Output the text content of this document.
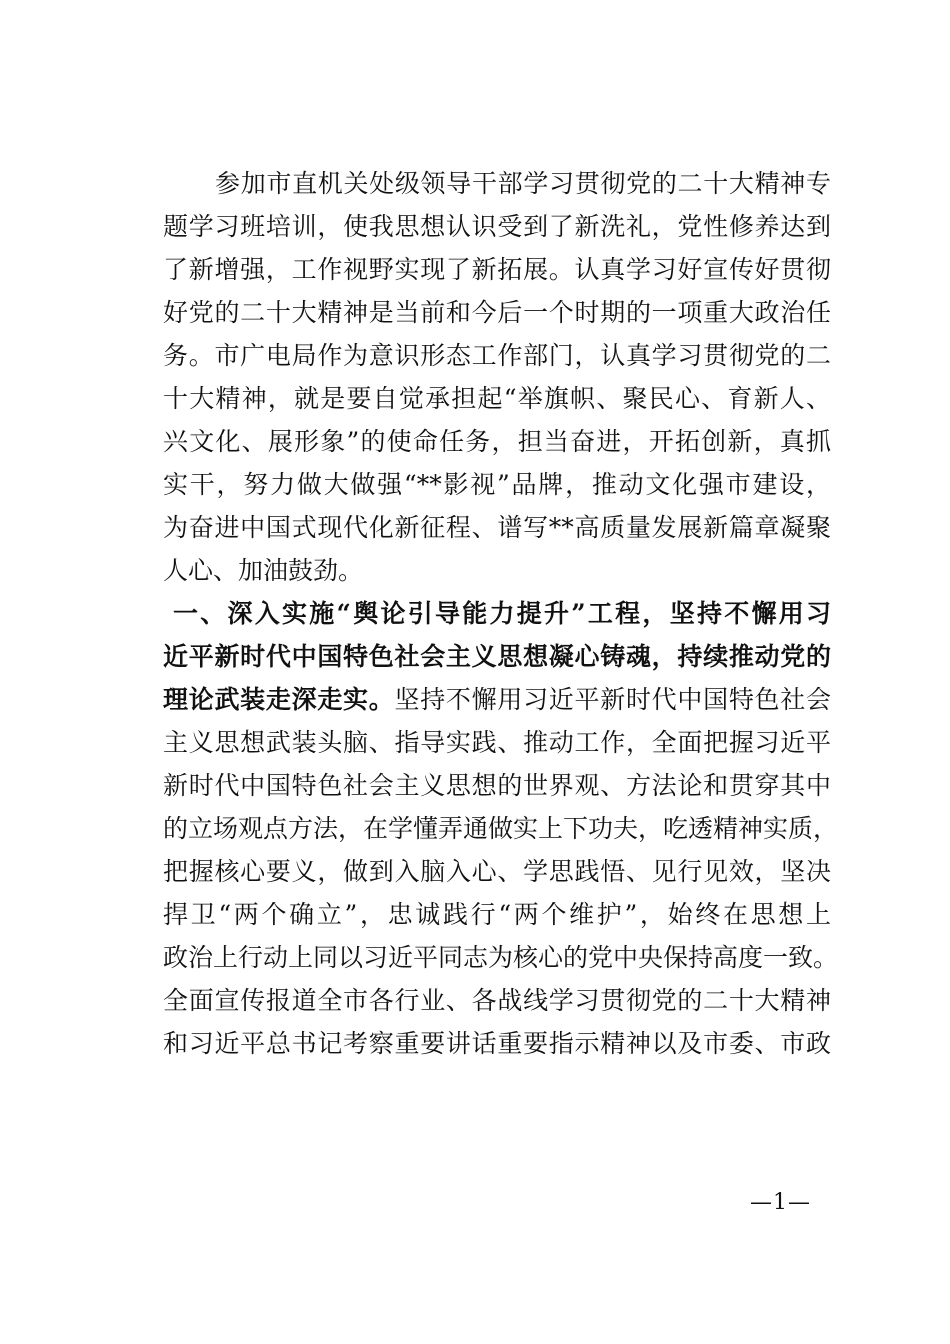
参加市直机关处级领导干部学习贯彻党的二十大精神专
题学习班培训，使我思想认识受到了新洗礼，党性修养达到
了新增强，工作视野实现了新拓展。认真学习好宣传好贯彻
好党的二十大精神是当前和今后一个时期的一项重大政治任
务。市广电局作为意识形态工作部门，认真学习贯彻党的二
十大精神，就是要自觉承担起“举旗帜、聚民心、育新人、
兴文化、展形象”的使命任务，担当奋进，开拓创新，真抓
实干，努力做大做强“**影视”品牌，推动文化强市建设，
为奋进中国式现代化新征程、谱写**高质量发展新篇章凝聚
人心、加油鼓劲。
一、深入实施“舆论引导能力提升”工程，坚持不懈用习
近平新时代中国特色社会主义思想凝心铸魂，持续推动党的
理论武装走深走实。坚持不懈用习近平新时代中国特色社会
主义思想武装头脑、指导实践、推动工作，全面把握习近平
新时代中国特色社会主义思想的世界观、方法论和贯穿其中
的立场观点方法，在学懂弄通做实上下功夫，吃透精神实质，
把握核心要义，做到入脑入心、学思践悟、见行见效，坚决
捍卫“两个确立”，忠诚践行“两个维护”，始终在思想上
政治上行动上同以习近平同志为核心的党中央保持高度一致。
全面宣传报道全市各行业、各战线学习贯彻党的二十大精神
和习近平总书记考察重要讲话重要指示精神以及市委、市政
—1—
